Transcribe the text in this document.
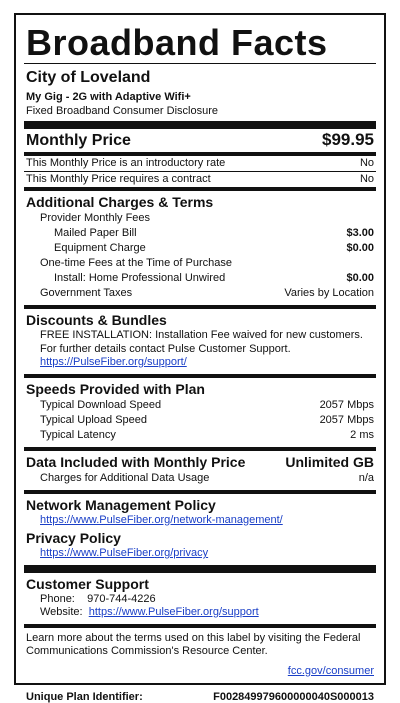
Broadband Facts
City of Loveland
My Gig - 2G with Adaptive Wifi+
Fixed Broadband Consumer Disclosure
Monthly Price	$99.95
This Monthly Price is an introductory rate	No
This Monthly Price requires a contract	No
Additional Charges & Terms
Provider Monthly Fees
Mailed Paper Bill	$3.00
Equipment Charge	$0.00
One-time Fees at the Time of Purchase
Install: Home Professional Unwired	$0.00
Government Taxes	Varies by Location
Discounts & Bundles
FREE INSTALLATION: Installation Fee waived for new customers.
For further details contact Pulse Customer Support.
https://PulseFiber.org/support/
Speeds Provided with Plan
Typical Download Speed	2057 Mbps
Typical Upload Speed	2057 Mbps
Typical Latency	2 ms
Data Included with Monthly Price	Unlimited GB
Charges for Additional Data Usage	n/a
Network Management Policy
https://www.PulseFiber.org/network-management/
Privacy Policy
https://www.PulseFiber.org/privacy
Customer Support
Phone: 970-744-4226
Website: https://www.PulseFiber.org/support
Learn more about the terms used on this label by visiting the Federal Communications Commission's Resource Center.
fcc.gov/consumer
Unique Plan Identifier:	F002849979600000040S000013
